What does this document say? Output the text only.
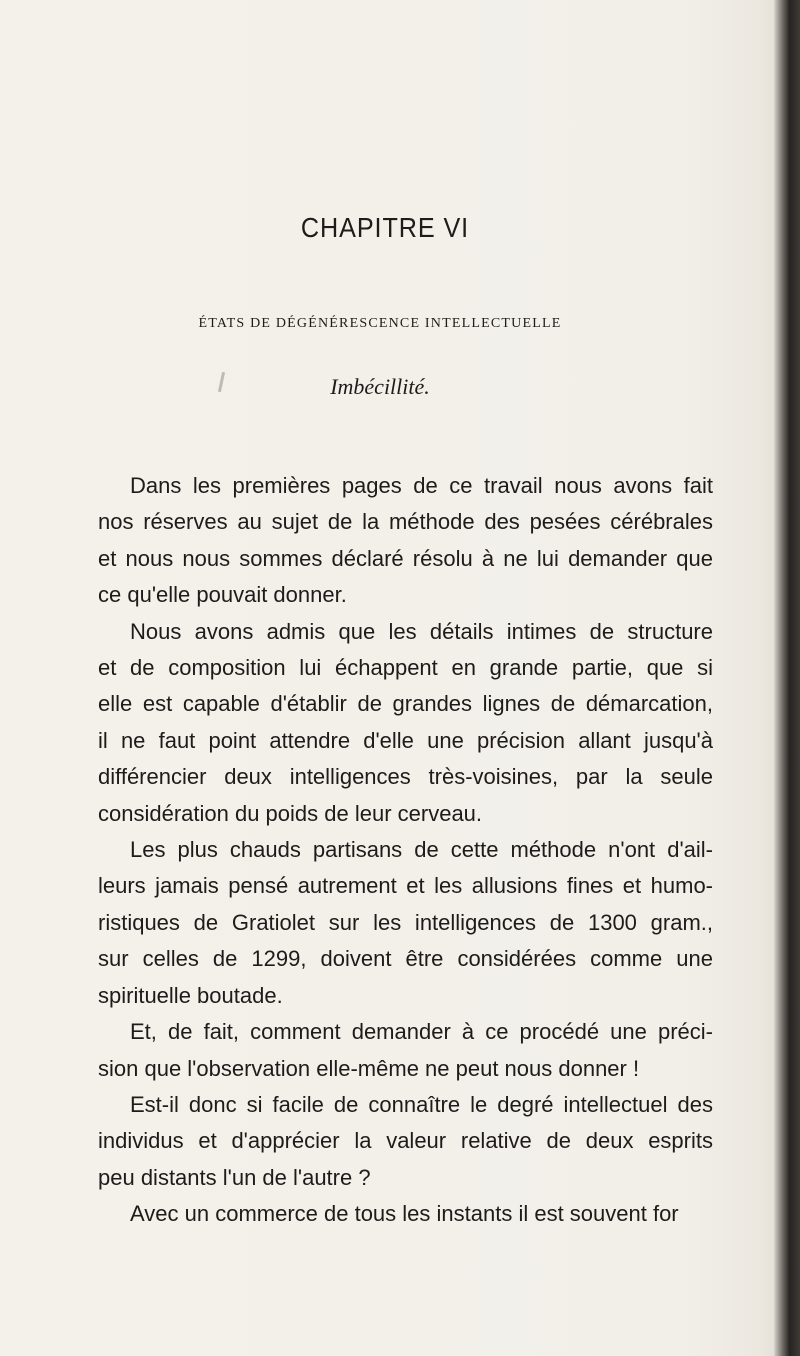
CHAPITRE VI
ÉTATS DE DÉGÉNÉRESCENCE INTELLECTUELLE
Imbécillité.
Dans les premières pages de ce travail nous avons fait
nos réserves au sujet de la méthode des pesées cérébrales
et nous nous sommes déclaré résolu à ne lui demander que
ce qu'elle pouvait donner.
Nous avons admis que les détails intimes de structure
et de composition lui échappent en grande partie, que si
elle est capable d'établir de grandes lignes de démarcation,
il ne faut point attendre d'elle une précision allant jusqu'à
différencier deux intelligences très-voisines, par la seule
considération du poids de leur cerveau.
Les plus chauds partisans de cette méthode n'ont d'ail-
leurs jamais pensé autrement et les allusions fines et humo-
ristiques de Gratiolet sur les intelligences de 1300 gram.,
sur celles de 1299, doivent être considérées comme une
spirituelle boutade.
Et, de fait, comment demander à ce procédé une préci-
sion que l'observation elle-même ne peut nous donner !
Est-il donc si facile de connaître le degré intellectuel des
individus et d'apprécier la valeur relative de deux esprits
peu distants l'un de l'autre ?
Avec un commerce de tous les instants il est souvent for
